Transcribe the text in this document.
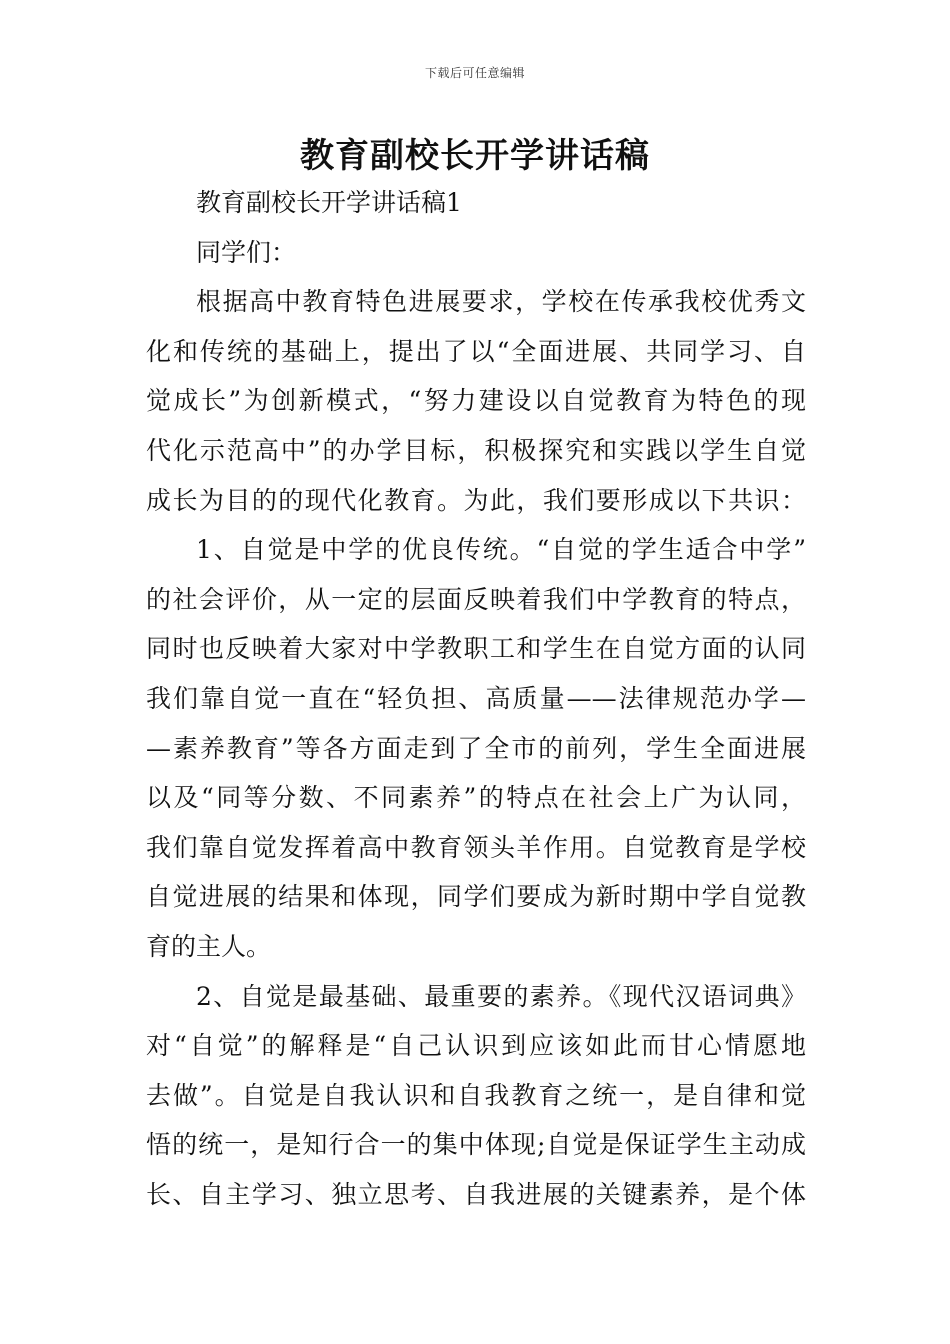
下载后可任意编辑
教育副校长开学讲话稿
教育副校长开学讲话稿1
同学们：
根据高中教育特色进展要求，学校在传承我校优秀文
化和传统的基础上，提出了以“全面进展、共同学习、自
觉成长”为创新模式，“努力建设以自觉教育为特色的现
代化示范高中”的办学目标，积极探究和实践以学生自觉
成长为目的的现代化教育。为此，我们要形成以下共识：
1、自觉是中学的优良传统。“自觉的学生适合中学”
的社会评价，从一定的层面反映着我们中学教育的特点，
同时也反映着大家对中学教职工和学生在自觉方面的认同
我们靠自觉一直在“轻负担、高质量——法律规范办学—
—素养教育”等各方面走到了全市的前列，学生全面进展
以及“同等分数、不同素养”的特点在社会上广为认同，
我们靠自觉发挥着高中教育领头羊作用。自觉教育是学校
自觉进展的结果和体现，同学们要成为新时期中学自觉教
育的主人。
2、自觉是最基础、最重要的素养。《现代汉语词典》
对“自觉”的解释是“自己认识到应该如此而甘心情愿地
去做”。自觉是自我认识和自我教育之统一，是自律和觉
悟的统一，是知行合一的集中体现;自觉是保证学生主动成
长、自主学习、独立思考、自我进展的关键素养，是个体
